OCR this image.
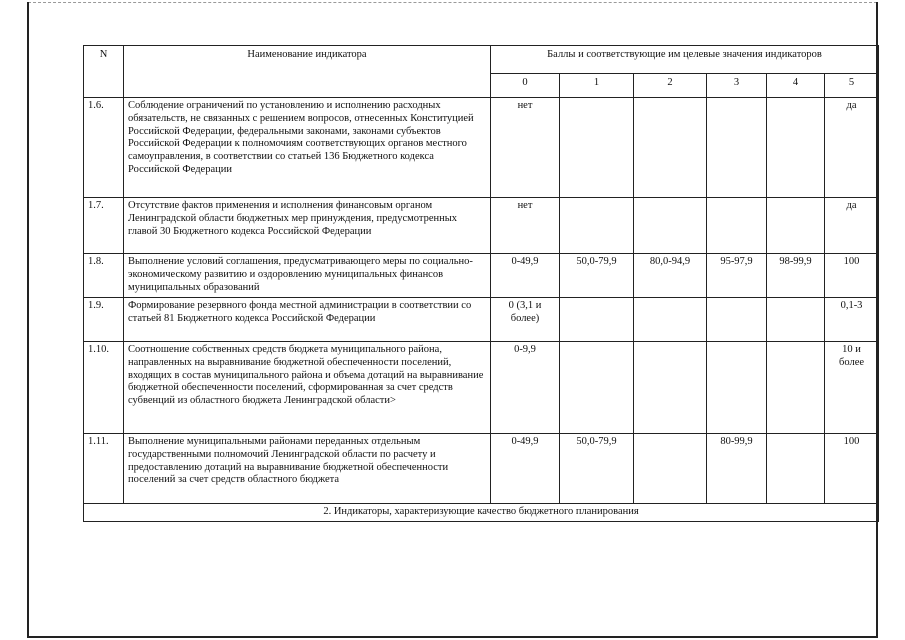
N	Наименование индикатора	Баллы и соответствующие им целевые значения индикаторов					
		0	1	2	3	4	5
1.6.	Соблюдение ограничений по установлению и исполнению расходных обязательств, не связанных с решением вопросов, отнесенных Конституцией Российской Федерации, федеральными законами, законами субъектов Российской Федерации к полномочиям соответствующих органов местного самоуправления, в соответствии со статьей 136 Бюджетного кодекса Российской Федерации	нет					да
1.7.	Отсутствие фактов применения и исполнения финансовым органом Ленинградской области бюджетных мер принуждения, предусмотренных главой 30 Бюджетного кодекса Российской Федерации	нет					да
1.8.	Выполнение условий соглашения, предусматривающего меры по социально-экономическому развитию и оздоровлению муниципальных финансов муниципальных образований	0-49,9	50,0-79,9	80,0-94,9	95-97,9	98-99,9	100
1.9.	Формирование резервного фонда местной администрации в соответствии со статьей 81 Бюджетного кодекса Российской Федерации	0 (3,1 и более)					0,1-3
1.10.	Соотношение собственных средств бюджета муниципального района, направленных на выравнивание бюджетной обеспеченности поселений, входящих в состав муниципального района и объема дотаций на выравнивание бюджетной обеспеченности поселений, сформированная за счет средств субвенций из областного бюджета Ленинградской области>	0-9,9					10 и более
1.11.	Выполнение муниципальными районами переданных отдельным государственными полномочий Ленинградской области по расчету и предоставлению дотаций на выравнивание бюджетной обеспеченности поселений за счет средств областного бюджета	0-49,9	50,0-79,9		80-99,9		100
2. Индикаторы, характеризующие качество бюджетного планирования							
